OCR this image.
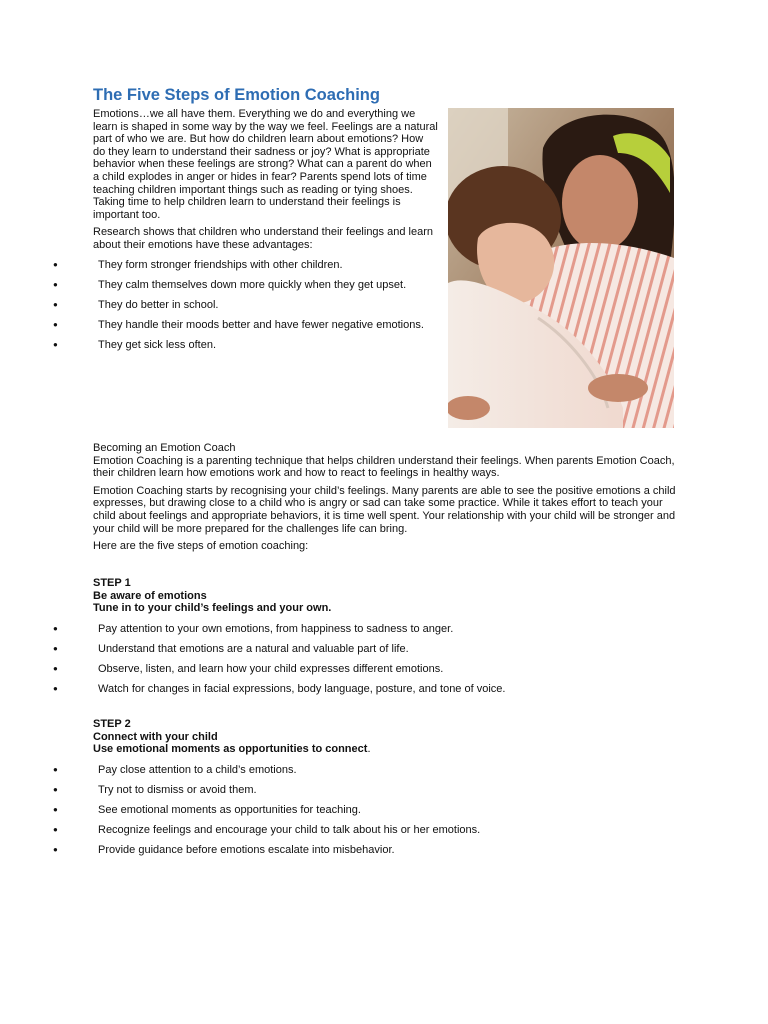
The Five Steps of Emotion Coaching

Emotions…we all have them. Everything we do and everything we learn is shaped in some way by the way we feel. Feelings are a natural part of who we are. But how do children learn about emotions? How do they learn to understand their sadness or joy? What is appropriate behavior when these feelings are strong? What can a parent do when a child explodes in anger or hides in fear? Parents spend lots of time teaching children important things such as reading or tying shoes. Taking time to help children learn to understand their feelings is important too.

Research shows that children who understand their feelings and learn about their emotions have these advantages:

●	They form stronger friendships with other children.
●	They calm themselves down more quickly when they get upset.
●	They do better in school.
●	They handle their moods better and have fewer negative emotions.
●	They get sick less often.
Becoming an Emotion Coach

Emotion Coaching is a parenting technique that helps children understand their feelings. When parents Emotion Coach, their children learn how emotions work and how to react to feelings in healthy ways.

Emotion Coaching starts by recognising your child’s feelings. Many parents are able to see the positive emotions a child expresses, but drawing close to a child who is angry or sad can take some practice. While it takes effort to teach your child about feelings and appropriate behaviors, it is time well spent. Your relationship with your child will be stronger and your child will be more prepared for the challenges life can bring.

Here are the five steps of emotion coaching:

STEP 1
Be aware of emotions
Tune in to your child’s feelings and your own.
●	Pay attention to your own emotions, from happiness to sadness to anger.
●	Understand that emotions are a natural and valuable part of life.
●	Observe, listen, and learn how your child expresses different emotions.
●	Watch for changes in facial expressions, body language, posture, and tone of voice.
STEP 2
Connect with your child
Use emotional moments as opportunities to connect.
●	Pay close attention to a child’s emotions.
●	Try not to dismiss or avoid them.
●	See emotional moments as opportunities for teaching.
●	Recognize feelings and encourage your child to talk about his or her emotions.
●	Provide guidance before emotions escalate into misbehavior.
